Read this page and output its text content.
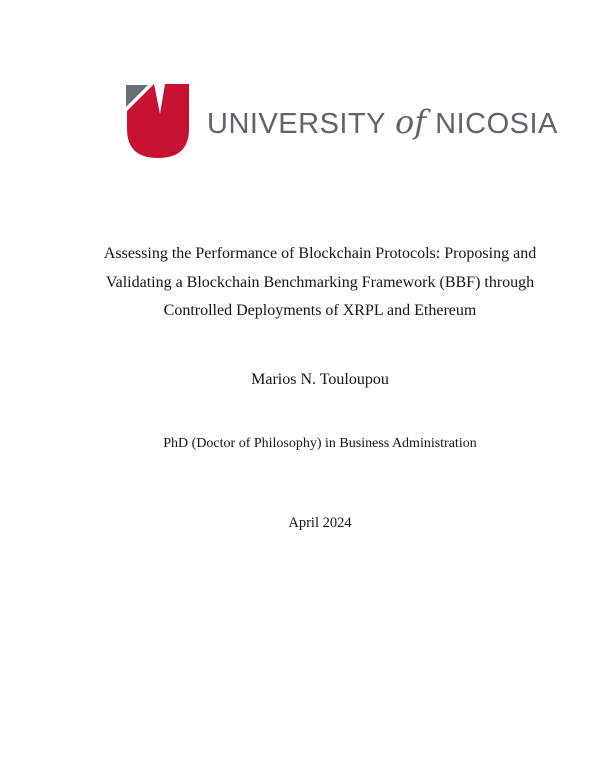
UNIVERSITY of NICOSIA
Assessing the Performance of Blockchain Protocols: Proposing and
Validating a Blockchain Benchmarking Framework (BBF) through
Controlled Deployments of XRPL and Ethereum
Marios N. Touloupou
PhD (Doctor of Philosophy) in Business Administration
April 2024
